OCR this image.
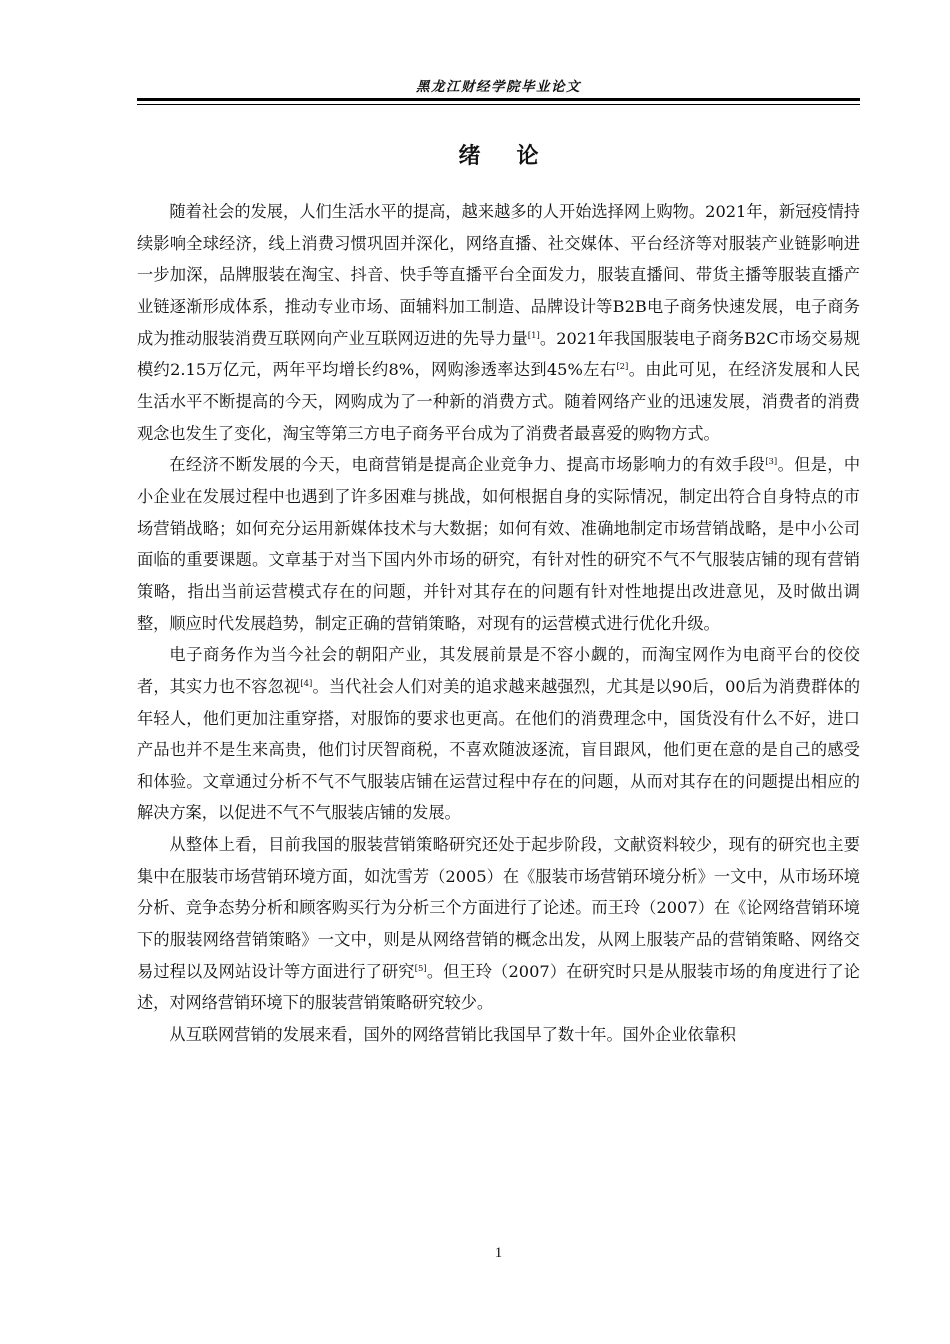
黑龙江财经学院毕业论文
绪论

随着社会的发展，人们生活水平的提高，越来越多的人开始选择网上购物。2021年，新冠疫情持续影响全球经济，线上消费习惯巩固并深化，网络直播、社交媒体、平台经济等对服装产业链影响进一步加深，品牌服装在淘宝、抖音、快手等直播平台全面发力，服装直播间、带货主播等服装直播产业链逐渐形成体系，推动专业市场、面辅料加工制造、品牌设计等B2B电子商务快速发展，电子商务成为推动服装消费互联网向产业互联网迈进的先导力量[1]。2021年我国服装电子商务B2C市场交易规模约2.15万亿元，两年平均增长约8%，网购渗透率达到45%左右[2]。由此可见，在经济发展和人民生活水平不断提高的今天，网购成为了一种新的消费方式。随着网络产业的迅速发展，消费者的消费观念也发生了变化，淘宝等第三方电子商务平台成为了消费者最喜爱的购物方式。

在经济不断发展的今天，电商营销是提高企业竞争力、提高市场影响力的有效手段[3]。但是，中小企业在发展过程中也遇到了许多困难与挑战，如何根据自身的实际情况，制定出符合自身特点的市场营销战略；如何充分运用新媒体技术与大数据；如何有效、准确地制定市场营销战略，是中小公司面临的重要课题。文章基于对当下国内外市场的研究，有针对性的研究不气不气服装店铺的现有营销策略，指出当前运营模式存在的问题，并针对其存在的问题有针对性地提出改进意见，及时做出调整，顺应时代发展趋势，制定正确的营销策略，对现有的运营模式进行优化升级。

电子商务作为当今社会的朝阳产业，其发展前景是不容小觑的，而淘宝网作为电商平台的佼佼者，其实力也不容忽视[4]。当代社会人们对美的追求越来越强烈，尤其是以90后，00后为消费群体的年轻人，他们更加注重穿搭，对服饰的要求也更高。在他们的消费理念中，国货没有什么不好，进口产品也并不是生来高贵，他们讨厌智商税，不喜欢随波逐流，盲目跟风，他们更在意的是自己的感受和体验。文章通过分析不气不气服装店铺在运营过程中存在的问题，从而对其存在的问题提出相应的解决方案，以促进不气不气服装店铺的发展。

从整体上看，目前我国的服装营销策略研究还处于起步阶段，文献资料较少，现有的研究也主要集中在服装市场营销环境方面，如沈雪芳（2005）在《服装市场营销环境分析》一文中，从市场环境分析、竞争态势分析和顾客购买行为分析三个方面进行了论述。而王玲（2007）在《论网络营销环境下的服装网络营销策略》一文中，则是从网络营销的概念出发，从网上服装产品的营销策略、网络交易过程以及网站设计等方面进行了研究[5]。但王玲（2007）在研究时只是从服装市场的角度进行了论述，对网络营销环境下的服装营销策略研究较少。

从互联网营销的发展来看，国外的网络营销比我国早了数十年。国外企业依靠积

1
